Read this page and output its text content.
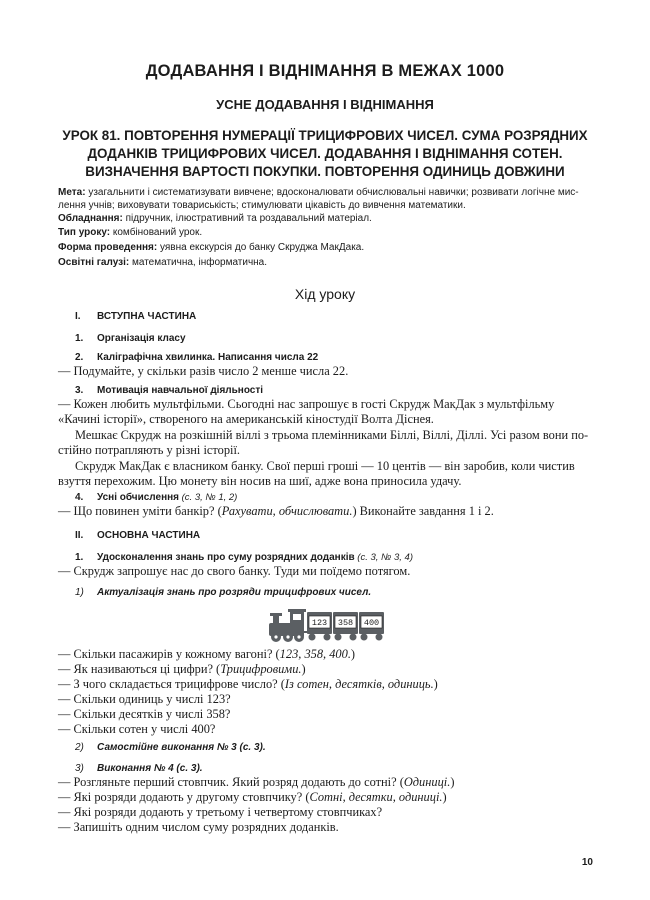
ДОДАВАННЯ І ВІДНІМАННЯ В МЕЖАХ 1000
УСНЕ ДОДАВАННЯ І ВІДНІМАННЯ
УРОК 81. ПОВТОРЕННЯ НУМЕРАЦІЇ ТРИЦИФРОВИХ ЧИСЕЛ. СУМА РОЗРЯДНИХ
ДОДАНКІВ ТРИЦИФРОВИХ ЧИСЕЛ. ДОДАВАННЯ І ВІДНІМАННЯ СОТЕН.
ВИЗНАЧЕННЯ ВАРТОСТІ ПОКУПКИ. ПОВТОРЕННЯ ОДИНИЦЬ ДОВЖИНИ
Мета: узагальнити і систематизувати вивчене; вдосконалювати обчислювальні навички; розвивати логічне мис-
лення учнів; виховувати товариськість; стимулювати цікавість до вивчення математики.
Обладнання: підручник, ілюстративний та роздавальний матеріал.
Тип уроку: комбінований урок.
Форма проведення: уявна екскурсія до банку Скруджа МакДака.
Освітні галузі: математична, інформатична.
Хід уроку
I. ВСТУПНА ЧАСТИНА
1. Організація класу
2. Каліграфічна хвилинка. Написання числа 22
— Подумайте, у скільки разів число 2 менше числа 22.
3. Мотивація навчальної діяльності
— Кожен любить мультфільми. Сьогодні нас запрошує в гості Скрудж МакДак з мультфільму
«Качині історії», створеного на американській кіностудії Волта Діснея.
Мешкає Скрудж на розкішній віллі з трьома племінниками Біллі, Віллі, Діллі. Усі разом вони по-
стійно потрапляють у різні історії.
Скрудж МакДак є власником банку. Свої перші гроші — 10 центів — він заробив, коли чистив
взуття перехожим. Цю монету він носив на шиї, адже вона приносила удачу.
4. Усні обчислення (с. 3, № 1, 2)
— Що повинен уміти банкір? (Рахувати, обчислювати.) Виконайте завдання 1 і 2.
II. ОСНОВНА ЧАСТИНА
1. Удосконалення знань про суму розрядних доданків (с. 3, № 3, 4)
— Скрудж запрошує нас до свого банку. Туди ми поїдемо потягом.
1) Актуалізація знань про розряди трицифрових чисел.
123 358 400
— Скільки пасажирів у кожному вагоні? (123, 358, 400.)
— Як називаються ці цифри? (Трицифровими.)
— З чого складається трицифрове число? (Із сотен, десятків, одиниць.)
— Скільки одиниць у числі 123?
— Скільки десятків у числі 358?
— Скільки сотен у числі 400?
2) Самостійне виконання № 3 (с. 3).
3) Виконання № 4 (с. 3).
— Розгляньте перший стовпчик. Який розряд додають до сотні? (Одиниці.)
— Які розряди додають у другому стовпчику? (Сотні, десятки, одиниці.)
— Які розряди додають у третьому і четвертому стовпчиках?
— Запишіть одним числом суму розрядних доданків.
10
